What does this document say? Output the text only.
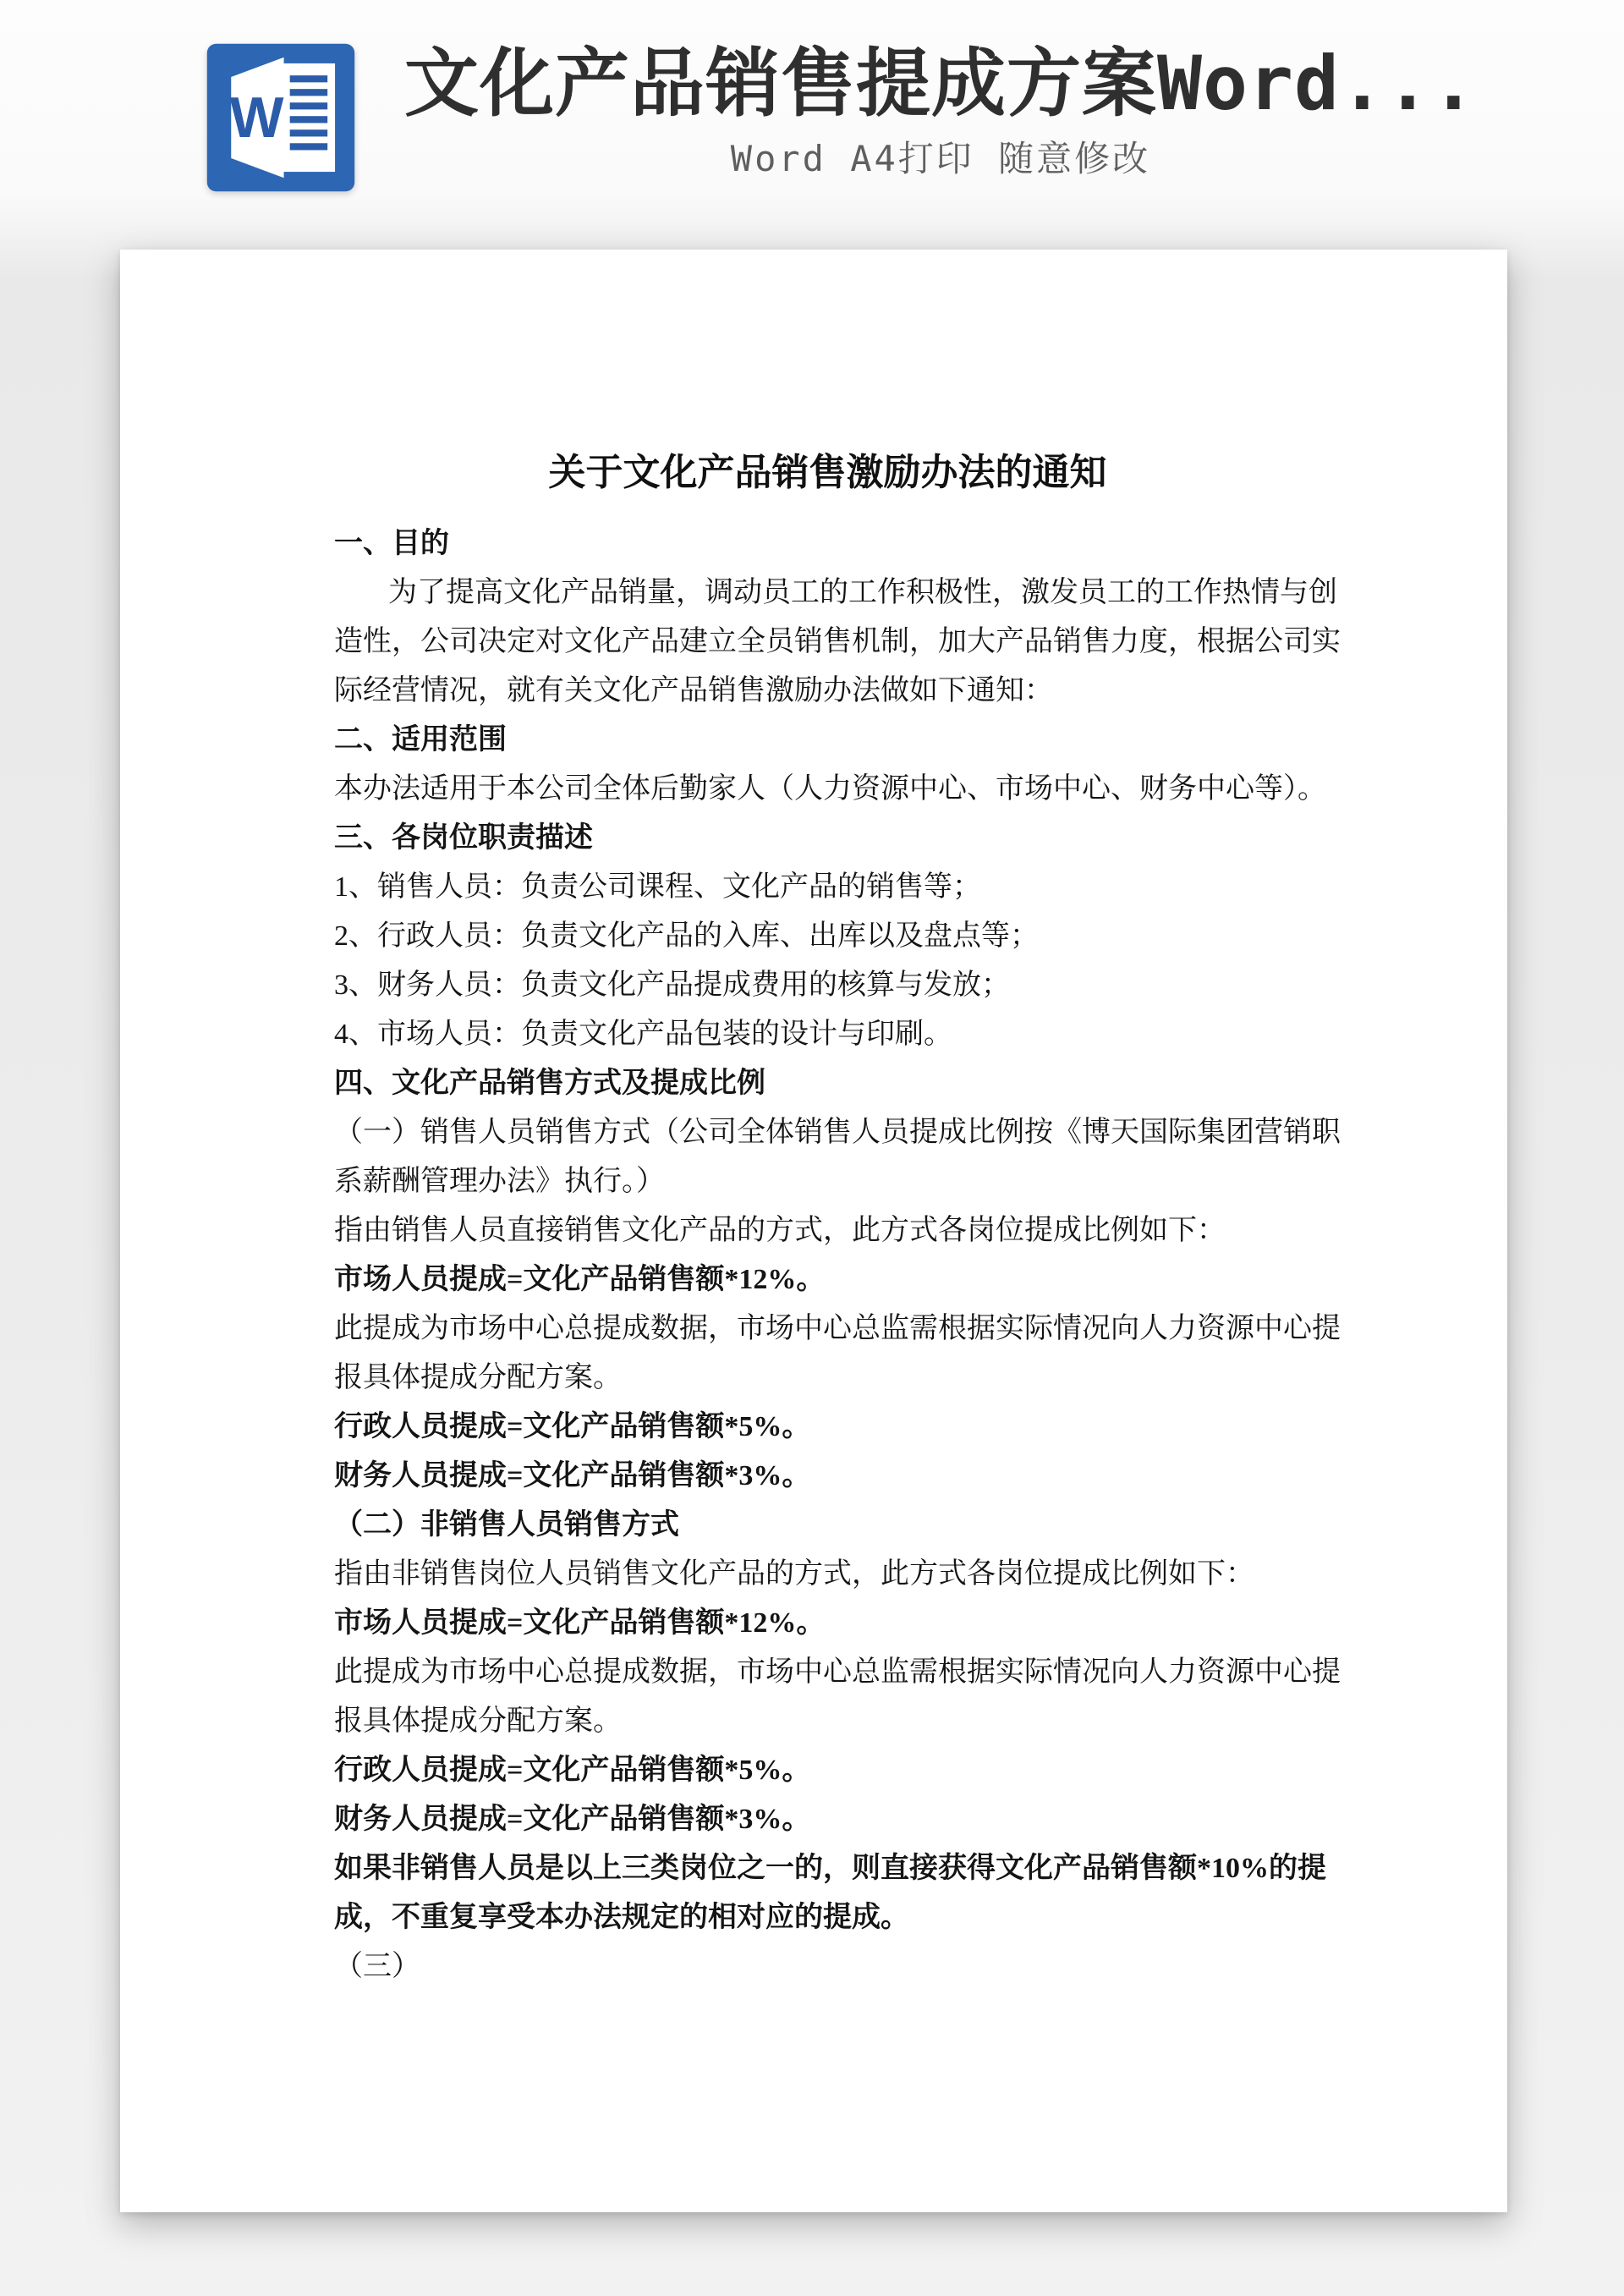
W 文化产品销售提成方案Word...

Word A4打印 随意修改

关于文化产品销售激励办法的通知
一、目的
为了提高文化产品销量，调动员工的工作积极性，激发员工的工作热情与创
造性，公司决定对文化产品建立全员销售机制，加大产品销售力度，根据公司实
际经营情况，就有关文化产品销售激励办法做如下通知：
二、适用范围
本办法适用于本公司全体后勤家人（人力资源中心、市场中心、财务中心等）。
三、各岗位职责描述
1、销售人员：负责公司课程、文化产品的销售等；
2、行政人员：负责文化产品的入库、出库以及盘点等；
3、财务人员：负责文化产品提成费用的核算与发放；
4、市场人员：负责文化产品包装的设计与印刷。
四、文化产品销售方式及提成比例
（一）销售人员销售方式（公司全体销售人员提成比例按《博天国际集团营销职
系薪酬管理办法》执行。）
指由销售人员直接销售文化产品的方式，此方式各岗位提成比例如下：
市场人员提成=文化产品销售额*12%。
此提成为市场中心总提成数据，市场中心总监需根据实际情况向人力资源中心提
报具体提成分配方案。
行政人员提成=文化产品销售额*5%。
财务人员提成=文化产品销售额*3%。
（二）非销售人员销售方式
指由非销售岗位人员销售文化产品的方式，此方式各岗位提成比例如下：
市场人员提成=文化产品销售额*12%。
此提成为市场中心总提成数据，市场中心总监需根据实际情况向人力资源中心提
报具体提成分配方案。
行政人员提成=文化产品销售额*5%。
财务人员提成=文化产品销售额*3%。
如果非销售人员是以上三类岗位之一的，则直接获得文化产品销售额*10%的提
成，不重复享受本办法规定的相对应的提成。
（三）
